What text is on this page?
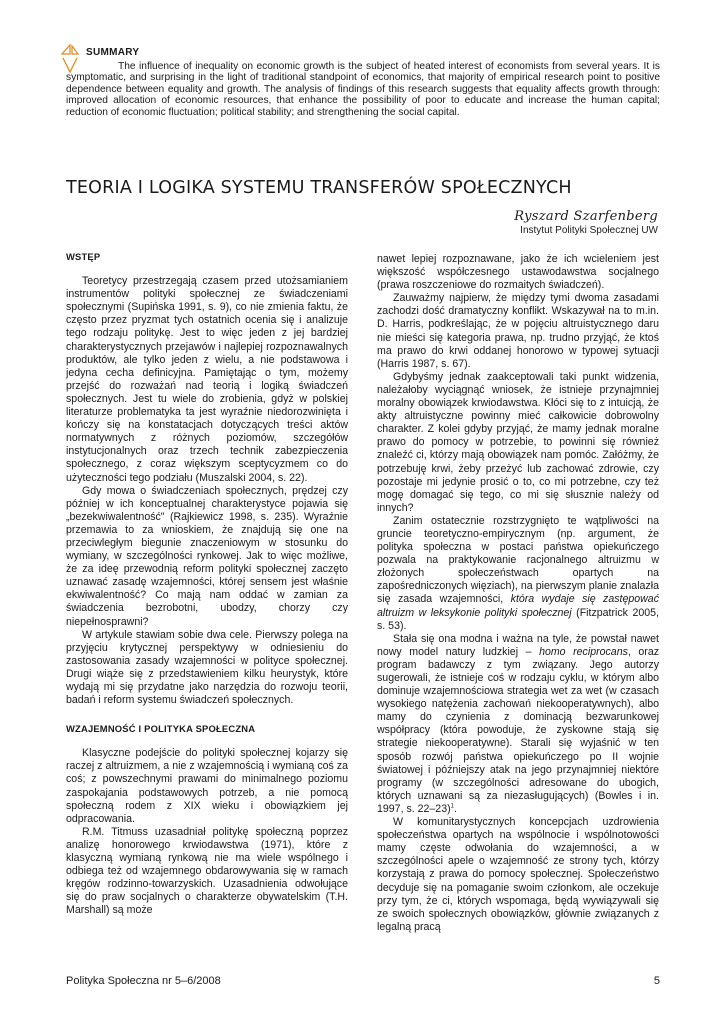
SUMMARY

The influence of inequality on economic growth is the subject of heated interest of economists from several years. It is symptomatic, and surprising in the light of traditional standpoint of economics, that majority of empirical research point to positive dependence between equality and growth. The analysis of findings of this research suggests that equality affects growth through: improved allocation of economic resources, that enhance the possibility of poor to educate and increase the human capital; reduction of economic fluctuation; political stability; and strengthening the social capital.

TEORIA I LOGIKA SYSTEMU TRANSFERÓW SPOŁECZNYCH
Ryszard Szarfenberg
Instytut Polityki Społecznej UW
WSTĘP

Teoretycy przestrzegają czasem przed utożsamianiem instrumentów polityki społecznej ze świadczeniami społecznymi (Supińska 1991, s. 9), co nie zmienia faktu, że często przez pryzmat tych ostatnich ocenia się i analizuje tego rodzaju politykę. Jest to więc jeden z jej bardziej charakterystycznych przejawów i najlepiej rozpoznawalnych produktów, ale tylko jeden z wielu, a nie podstawowa i jedyna cecha definicyjna. Pamiętając o tym, możemy przejść do rozważań nad teorią i logiką świadczeń społecznych. Jest tu wiele do zrobienia, gdyż w polskiej literaturze problematyka ta jest wyraźnie niedorozwinięta i kończy się na konstatacjach dotyczących treści aktów normatywnych z różnych poziomów, szczegółów instytucjonalnych oraz trzech technik zabezpieczenia społecznego, z coraz większym sceptycyzmem co do użyteczności tego podziału (Muszalski 2004, s. 22).

Gdy mowa o świadczeniach społecznych, prędzej czy później w ich konceptualnej charakterystyce pojawia się „bezekwiwalentność" (Rajkiewicz 1998, s. 235). Wyraźnie przemawia to za wnioskiem, że znajdują się one na przeciwległym biegunie znaczeniowym w stosunku do wymiany, w szczególności rynkowej. Jak to więc możliwe, że za ideę przewodnią reform polityki społecznej zaczęto uznawać zasadę wzajemności, której sensem jest właśnie ekwiwalentność? Co mają nam oddać w zamian za świadczenia bezrobotni, ubodzy, chorzy czy niepełnosprawni?

W artykule stawiam sobie dwa cele. Pierwszy polega na przyjęciu krytycznej perspektywy w odniesieniu do zastosowania zasady wzajemności w polityce społecznej. Drugi wiąże się z przedstawieniem kilku heurystyk, które wydają mi się przydatne jako narzędzia do rozwoju teorii, badań i reform systemu świadczeń społecznych.

WZAJEMNOŚĆ I POLITYKA SPOŁECZNA

Klasyczne podejście do polityki społecznej kojarzy się raczej z altruizmem, a nie z wzajemnością i wymianą coś za coś; z powszechnymi prawami do minimalnego poziomu zaspokajania podstawowych potrzeb, a nie pomocą społeczną rodem z XIX wieku i obowiązkiem jej odpracowania.

R.M. Titmuss uzasadniał politykę społeczną poprzez analizę honorowego krwiodawstwa (1971), które z klasyczną wymianą rynkową nie ma wiele wspólnego i odbiega też od wzajemnego obdarowywania się w ramach kręgów rodzinno-towarzyskich. Uzasadnienia odwołujące się do praw socjalnych o charakterze obywatelskim (T.H. Marshall) są może

nawet lepiej rozpoznawane, jako że ich wcieleniem jest większość współczesnego ustawodawstwa socjalnego (prawa roszczeniowe do rozmaitych świadczeń).

Zauważmy najpierw, że między tymi dwoma zasadami zachodzi dość dramatyczny konflikt. Wskazywał na to m.in. D. Harris, podkreślając, że w pojęciu altruistycznego daru nie mieści się kategoria prawa, np. trudno przyjąć, że ktoś ma prawo do krwi oddanej honorowo w typowej sytuacji (Harris 1987, s. 67).

Gdybyśmy jednak zaakceptowali taki punkt widzenia, należałoby wyciągnąć wniosek, że istnieje przynajmniej moralny obowiązek krwiodawstwa. Kłóci się to z intuicją, że akty altruistyczne powinny mieć całkowicie dobrowolny charakter. Z kolei gdyby przyjąć, że mamy jednak moralne prawo do pomocy w potrzebie, to powinni się również znaleźć ci, którzy mają obowiązek nam pomóc. Załóżmy, że potrzebuję krwi, żeby przeżyć lub zachować zdrowie, czy pozostaje mi jedynie prosić o to, co mi potrzebne, czy też mogę domagać się tego, co mi się słusznie należy od innych?

Zanim ostatecznie rozstrzygnięto te wątpliwości na gruncie teoretyczno-empirycznym (np. argument, że polityka społeczna w postaci państwa opiekuńczego pozwala na praktykowanie racjonalnego altruizmu w złożonych społeczeństwach opartych na zapośredniczonych więziach), na pierwszym planie znalazła się zasada wzajemności, która wydaje się zastępować altruizm w leksykonie polityki społecznej (Fitzpatrick 2005, s. 53).

Stała się ona modna i ważna na tyle, że powstał nawet nowy model natury ludzkiej – homo reciprocans, oraz program badawczy z tym związany. Jego autorzy sugerowali, że istnieje coś w rodzaju cyklu, w którym albo dominuje wzajemnościowa strategia wet za wet (w czasach wysokiego natężenia zachowań niekooperatywnych), albo mamy do czynienia z dominacją bezwarunkowej współpracy (która powoduje, że zyskowne stają się strategie niekooperatywne). Starali się wyjaśnić w ten sposób rozwój państwa opiekuńczego po II wojnie światowej i późniejszy atak na jego przynajmniej niektóre programy (w szczególności adresowane do ubogich, których uznawani są za niezasługujących) (Bowles i in. 1997, s. 22–23)$^1$.

W komunitarystycznych koncepcjach uzdrowienia społeczeństwa opartych na wspólnocie i wspólnotowości mamy częste odwołania do wzajemności, a w szczególności apele o wzajemność ze strony tych, którzy korzystają z prawa do pomocy społecznej. Społeczeństwo decyduje się na pomaganie swoim członkom, ale oczekuje przy tym, że ci, których wspomaga, będą wywiązywali się ze swoich społecznych obowiązków, głównie związanych z legalną pracą

Polityka Społeczna nr 5–6/2008	5
